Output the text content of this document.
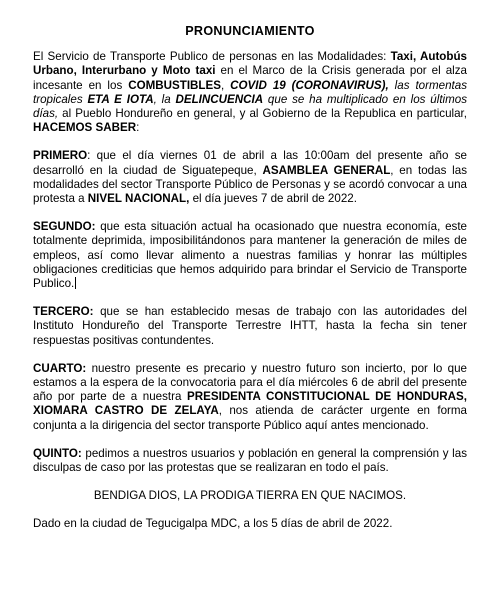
PRONUNCIAMIENTO

El Servicio de Transporte Publico de personas en las Modalidades: Taxi, Autobús Urbano, Interurbano y Moto taxi en el Marco de la Crisis generada por el alza incesante en los COMBUSTIBLES, COVID 19 (CORONAVIRUS), las tormentas tropicales ETA E IOTA, la DELINCUENCIA que se ha multiplicado en los últimos días, al Pueblo Hondureño en general, y al Gobierno de la Republica en particular, HACEMOS SABER:

PRIMERO: que el día viernes 01 de abril a las 10:00am del presente año se desarrolló en la ciudad de Siguatepeque, ASAMBLEA GENERAL, en todas las modalidades del sector Transporte Público de Personas y se acordó convocar a una protesta a NIVEL NACIONAL, el día jueves 7 de abril de 2022.

SEGUNDO: que esta situación actual ha ocasionado que nuestra economía, este totalmente deprimida, imposibilitándonos para mantener la generación de miles de empleos, así como llevar alimento a nuestras familias y honrar las múltiples obligaciones crediticias que hemos adquirido para brindar el Servicio de Transporte Publico.

TERCERO: que se han establecido mesas de trabajo con las autoridades del Instituto Hondureño del Transporte Terrestre IHTT, hasta la fecha sin tener respuestas positivas contundentes.

CUARTO: nuestro presente es precario y nuestro futuro son incierto, por lo que estamos a la espera de la convocatoria para el día miércoles 6 de abril del presente año por parte de a nuestra PRESIDENTA CONSTITUCIONAL DE HONDURAS, XIOMARA CASTRO DE ZELAYA, nos atienda de carácter urgente en forma conjunta a la dirigencia del sector transporte Público aquí antes mencionado.

QUINTO: pedimos a nuestros usuarios y población en general la comprensión y las disculpas de caso por las protestas que se realizaran en todo el país.

BENDIGA DIOS, LA PRODIGA TIERRA EN QUE NACIMOS.

Dado en la ciudad de Tegucigalpa MDC, a los 5 días de abril de 2022.
